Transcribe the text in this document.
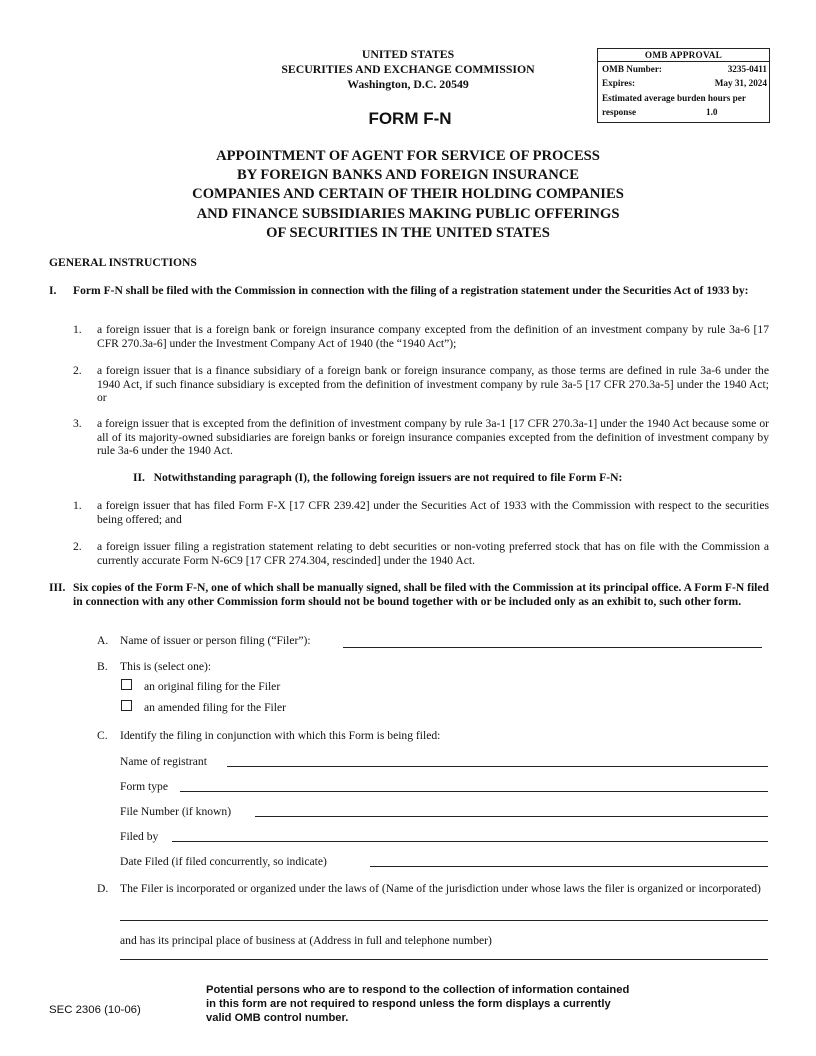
UNITED STATES
SECURITIES AND EXCHANGE COMMISSION
Washington, D.C. 20549
OMB APPROVAL
OMB Number:	3235-0411
Expires:	May 31, 2024
Estimated average burden hours per
response	1.0
FORM F-N
APPOINTMENT OF AGENT FOR SERVICE OF PROCESS
BY FOREIGN BANKS AND FOREIGN INSURANCE
COMPANIES AND CERTAIN OF THEIR HOLDING COMPANIES
AND FINANCE SUBSIDIARIES MAKING PUBLIC OFFERINGS
OF SECURITIES IN THE UNITED STATES
GENERAL INSTRUCTIONS
I. Form F-N shall be filed with the Commission in connection with the filing of a registration statement under the Securities Act of 1933 by:
1. a foreign issuer that is a foreign bank or foreign insurance company excepted from the definition of an investment company by rule 3a-6 [17 CFR 270.3a-6] under the Investment Company Act of 1940 (the “1940 Act”);
2. a foreign issuer that is a finance subsidiary of a foreign bank or foreign insurance company, as those terms are defined in rule 3a-6 under the 1940 Act, if such finance subsidiary is excepted from the definition of investment company by rule 3a-5 [17 CFR 270.3a-5] under the 1940 Act; or
3. a foreign issuer that is excepted from the definition of investment company by rule 3a-1 [17 CFR 270.3a-1] under the 1940 Act because some or all of its majority-owned subsidiaries are foreign banks or foreign insurance companies excepted from the definition of investment company by rule 3a-6 under the 1940 Act.
II. Notwithstanding paragraph (I), the following foreign issuers are not required to file Form F-N:
1. a foreign issuer that has filed Form F-X [17 CFR 239.42] under the Securities Act of 1933 with the Commission with respect to the securities being offered; and
2. a foreign issuer filing a registration statement relating to debt securities or non-voting preferred stock that has on file with the Commission a currently accurate Form N-6C9 [17 CFR 274.304, rescinded] under the 1940 Act.
III. Six copies of the Form F-N, one of which shall be manually signed, shall be filed with the Commission at its principal office. A Form F-N filed in connection with any other Commission form should not be bound together with or be included only as an exhibit to, such other form.
A. Name of issuer or person filing (“Filer”):
B. This is (select one):
an original filing for the Filer
an amended filing for the Filer
C. Identify the filing in conjunction with which this Form is being filed:
Name of registrant
Form type
File Number (if known)
Filed by
Date Filed (if filed concurrently, so indicate)
D. The Filer is incorporated or organized under the laws of (Name of the jurisdiction under whose laws the filer is organized or incorporated)
and has its principal place of business at (Address in full and telephone number)
SEC 2306 (10-06)
Potential persons who are to respond to the collection of information contained in this form are not required to respond unless the form displays a currently valid OMB control number.
